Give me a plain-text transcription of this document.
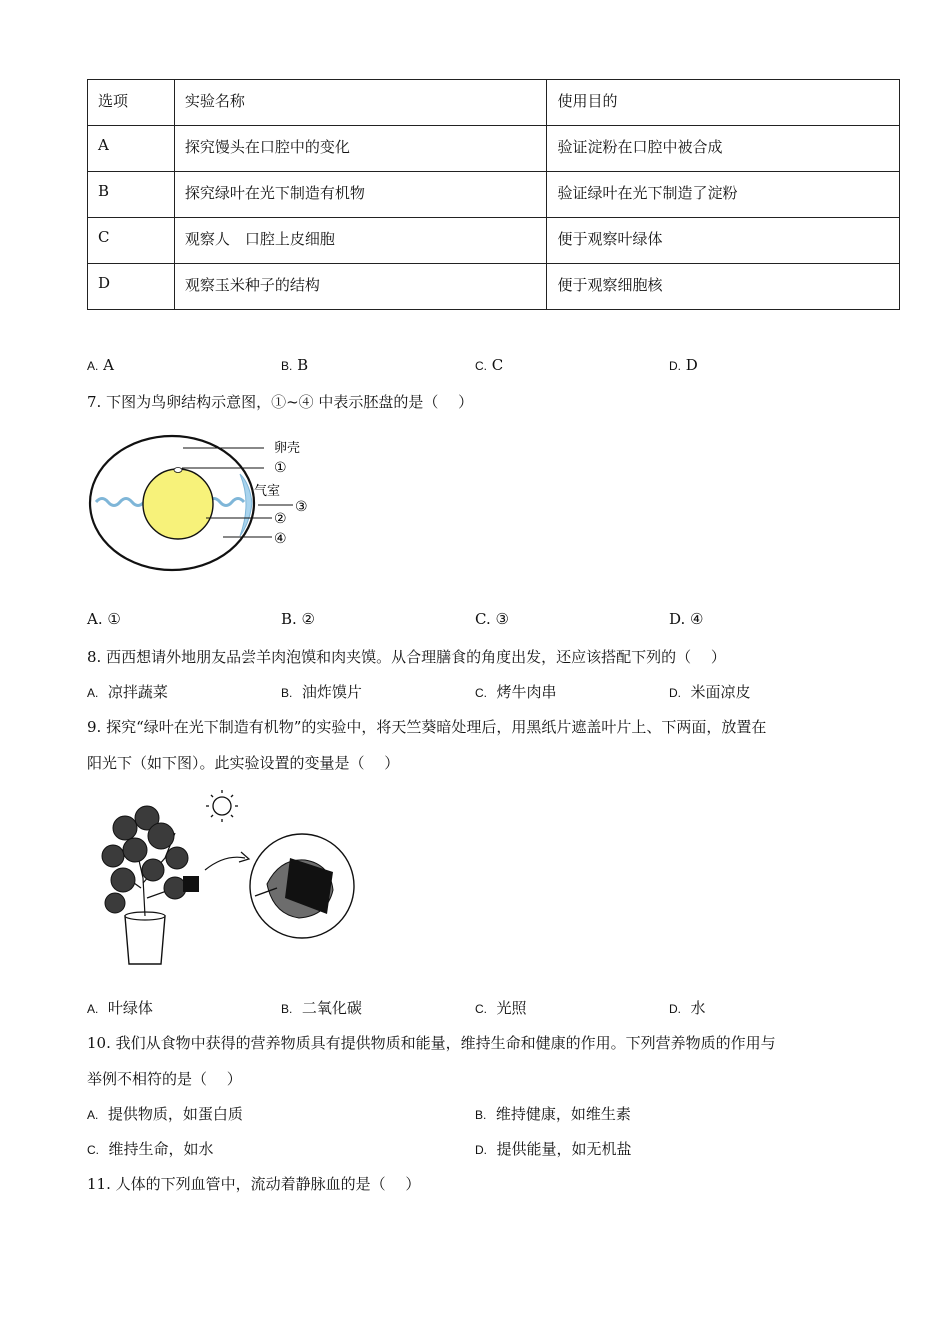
选项	实验名称	使用目的
A	探究馒头在口腔中的变化	验证淀粉在口腔中被合成
B	探究绿叶在光下制造有机物	验证绿叶在光下制造了淀粉
C	观察人　口腔上皮细胞	便于观察叶绿体
D	观察玉米种子的结构	便于观察细胞核
A. A	B. B	C. C	D. D
7. 下图为鸟卵结构示意图，①~④ 中表示胚盘的是（　 ）
卵壳
①
气室
③
②
④
A. ①	B. ②	C. ③	D. ④
8. 西西想请外地朋友品尝羊肉泡馍和肉夹馍。从合理膳食的角度出发，还应该搭配下列的（　 ）
A. 凉拌蔬菜	B. 油炸馍片	C. 烤牛肉串	D. 米面凉皮
9. 探究“绿叶在光下制造有机物”的实验中，将天竺葵暗处理后，用黑纸片遮盖叶片上、下两面，放置在
阳光下（如下图）。此实验设置的变量是（　 ）
A. 叶绿体	B. 二氧化碳	C. 光照	D. 水
10. 我们从食物中获得的营养物质具有提供物质和能量，维持生命和健康的作用。下列营养物质的作用与
举例不相符的是（　 ）
A. 提供物质，如蛋白质	B. 维持健康，如维生素
C. 维持生命，如水	D. 提供能量，如无机盐
11. 人体的下列血管中，流动着静脉血的是（　 ）
